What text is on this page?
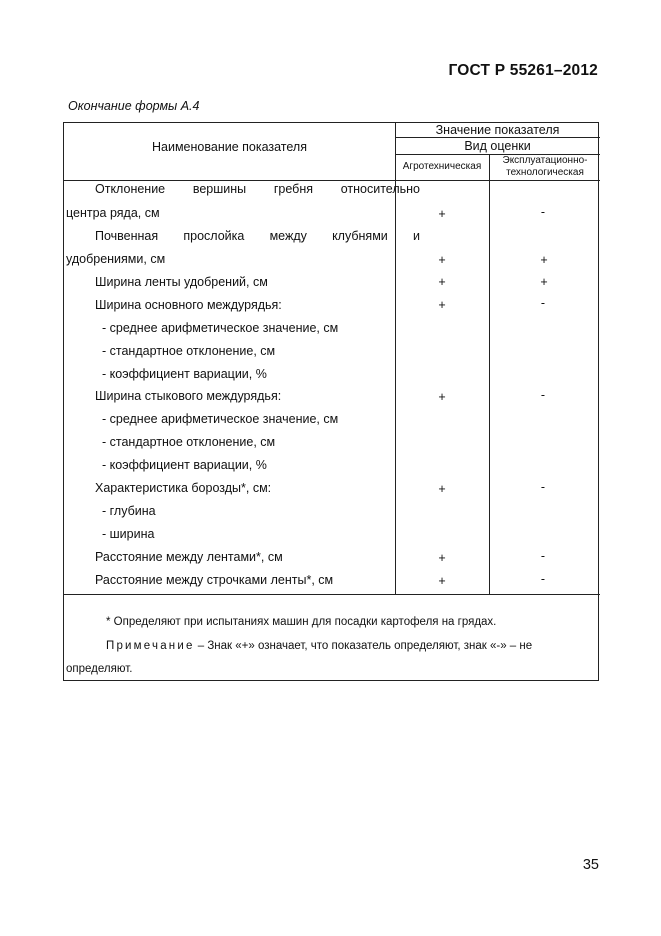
ГОСТ Р 55261–2012
Окончание формы А.4
Наименование показателя
Значение показателя
Вид оценки
Агротехническая
Эксплуатационно-
технологическая
Отклонение вершины гребня относительно
центра ряда, см	+	-
Почвенная прослойка между клубнями и
удобрениями, см	+	+
Ширина ленты удобрений, см	+	+
Ширина основного междурядья:	+	-
- среднее арифметическое значение, см
- стандартное отклонение, см
- коэффициент вариации, %
Ширина стыкового междурядья:	+	-
- среднее арифметическое значение, см
- стандартное отклонение, см
- коэффициент вариации, %
Характеристика борозды*, см:	+	-
- глубина
- ширина
Расстояние между лентами*, см	+	-
Расстояние между строчками ленты*, см	+	-
* Определяют при испытаниях машин для посадки картофеля на грядах.
Примечание – Знак «+» означает, что показатель определяют, знак «-» – не
определяют.
35
